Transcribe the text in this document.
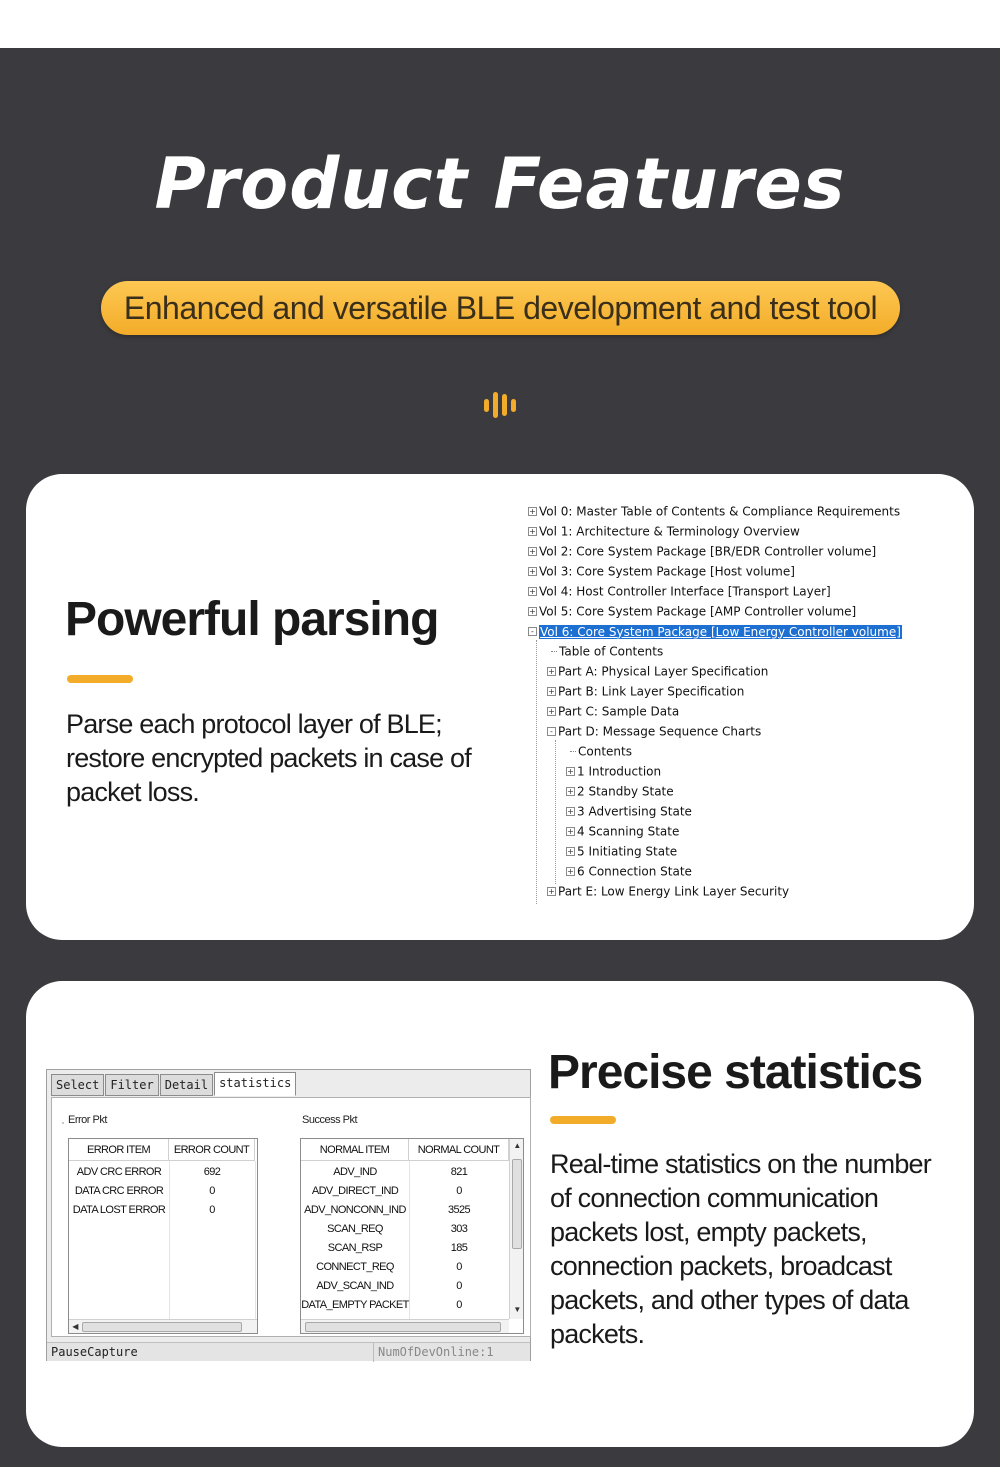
Product Features
Enhanced and versatile BLE development and test tool
Powerful parsing
Parse each protocol layer of BLE; restore encrypted packets in case of packet loss.
+ Vol 0: Master Table of Contents & Compliance Requirements
+ Vol 1: Architecture & Terminology Overview
+ Vol 2: Core System Package [BR/EDR Controller volume]
+ Vol 3: Core System Package [Host volume]
+ Vol 4: Host Controller Interface [Transport Layer]
+ Vol 5: Core System Package [AMP Controller volume]
- Vol 6: Core System Package [Low Energy Controller volume]
Table of Contents
+ Part A: Physical Layer Specification
+ Part B: Link Layer Specification
+ Part C: Sample Data
- Part D: Message Sequence Charts
Contents
+ 1 Introduction
+ 2 Standby State
+ 3 Advertising State
+ 4 Scanning State
+ 5 Initiating State
+ 6 Connection State
+ Part E: Low Energy Link Layer Security
Precise statistics
Real-time statistics on the number of connection communication packets lost, empty packets, connection packets, broadcast packets, and other types of data packets.
Select Filter Detail statistics
Error Pkt	Success Pkt
ERROR ITEM	ERROR COUNT
◀
ADV CRC ERROR	692
DATA CRC ERROR	0
DATA LOST ERROR	0
NORMAL ITEM	NORMAL COUNT	▲
▼
ADV_IND	821
ADV_DIRECT_IND	0
ADV_NONCONN_IND	3525
SCAN_REQ	303
SCAN_RSP	185
CONNECT_REQ	0
ADV_SCAN_IND	0
DATA_EMPTY PACKET	0
PauseCapture	NumOfDevOnline:1
